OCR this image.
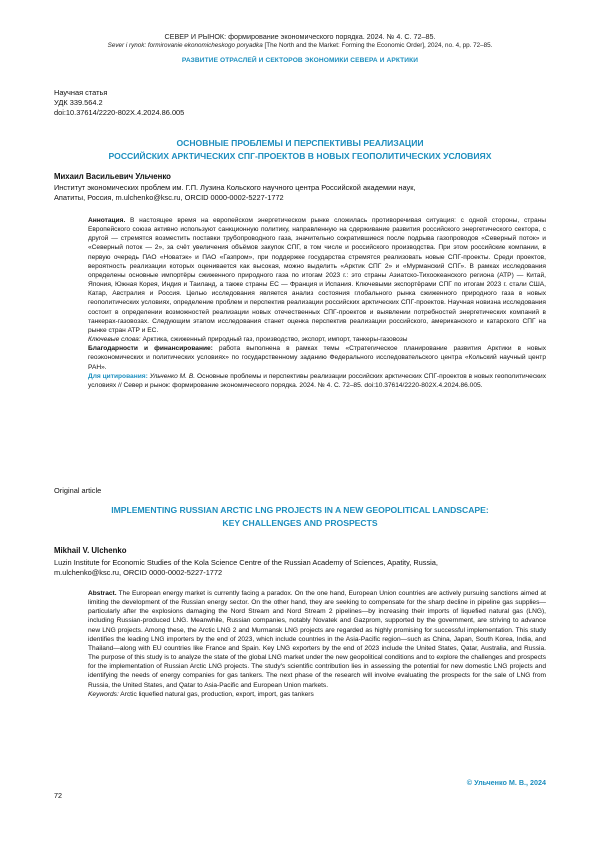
СЕВЕР И РЫНОК: формирование экономического порядка. 2024. № 4. С. 72–85.
Sever i rynok: formirovanie ekonomicheskogo poryadka [The North and the Market: Forming the Economic Order], 2024, no. 4, pp. 72–85.
РАЗВИТИЕ ОТРАСЛЕЙ И СЕКТОРОВ ЭКОНОМИКИ СЕВЕРА И АРКТИКИ
Научная статья
УДК 339.564.2
doi:10.37614/2220-802X.4.2024.86.005
ОСНОВНЫЕ ПРОБЛЕМЫ И ПЕРСПЕКТИВЫ РЕАЛИЗАЦИИ
РОССИЙСКИХ АРКТИЧЕСКИХ СПГ-ПРОЕКТОВ В НОВЫХ ГЕОПОЛИТИЧЕСКИХ УСЛОВИЯХ
Михаил Васильевич Ульченко
Институт экономических проблем им. Г.П. Лузина Кольского научного центра Российской академии наук,
Апатиты, Россия, m.ulchenko@ksc.ru, ORCID 0000-0002-5227-1772

Аннотация. В настоящее время на европейском энергетическом рынке сложилась противоречивая ситуация: с одной стороны, страны Европейского союза активно используют санкционную политику, направленную на сдерживание развития российского энергетического сектора, с другой — стремятся возместить поставки трубопроводного газа, значительно сократившиеся после подрыва газопроводов «Северный поток» и «Северный поток — 2», за счёт увеличения объёмов закупок СПГ, в том числе и российского производства. При этом российские компании, в первую очередь ПАО «Новатэк» и ПАО «Газпром», при поддержке государства стремятся реализовать новые СПГ-проекты. Среди проектов, вероятность реализации которых оценивается как высокая, можно выделить «Арктик СПГ 2» и «Мурманский СПГ». В рамках исследования определены основные импортёры сжиженного природного газа по итогам 2023 г.: это страны Азиатско-Тихоокеанского региона (АТР) — Китай, Япония, Южная Корея, Индия и Таиланд, а также страны ЕС — Франция и Испания. Ключевыми экспортёрами СПГ по итогам 2023 г. стали США, Катар, Австралия и Россия. Целью исследования является анализ состояния глобального рынка сжиженного природного газа в новых геополитических условиях, определение проблем и перспектив реализации российских арктических СПГ-проектов. Научная новизна исследования состоит в определении возможностей реализации новых отечественных СПГ-проектов и выявлении потребностей энергетических компаний в танкерах-газовозах. Следующим этапом исследования станет оценка перспектив реализации российского, американского и катарского СПГ на рынке стран АТР и ЕС.

Ключевые слова: Арктика, сжиженный природный газ, производство, экспорт, импорт, танкеры-газовозы

Благодарности и финансирование: работа выполнена в рамках темы «Стратегическое планирование развития Арктики в новых геоэкономических и политических условиях» по государственному заданию Федерального исследовательского центра «Кольский научный центр РАН».

Для цитирования: Ульченко М. В. Основные проблемы и перспективы реализации российских арктических СПГ-проектов в новых геополитических условиях // Север и рынок: формирование экономического порядка. 2024. № 4. С. 72–85. doi:10.37614/2220-802X.4.2024.86.005.

Original article
IMPLEMENTING RUSSIAN ARCTIC LNG PROJECTS IN A NEW GEOPOLITICAL LANDSCAPE:
KEY CHALLENGES AND PROSPECTS
Mikhail V. Ulchenko
Luzin Institute for Economic Studies of the Kola Science Centre of the Russian Academy of Sciences, Apatity, Russia,
m.ulchenko@ksc.ru, ORCID 0000-0002-5227-1772

Abstract. The European energy market is currently facing a paradox. On the one hand, European Union countries are actively pursuing sanctions aimed at limiting the development of the Russian energy sector. On the other hand, they are seeking to compensate for the sharp decline in pipeline gas supplies—particularly after the explosions damaging the Nord Stream and Nord Stream 2 pipelines—by increasing their imports of liquefied natural gas (LNG), including Russian-produced LNG. Meanwhile, Russian companies, notably Novatek and Gazprom, supported by the government, are striving to advance new LNG projects. Among these, the Arctic LNG 2 and Murmansk LNG projects are regarded as highly promising for successful implementation. This study identifies the leading LNG importers by the end of 2023, which include countries in the Asia-Pacific region—such as China, Japan, South Korea, India, and Thailand—along with EU countries like France and Spain. Key LNG exporters by the end of 2023 include the United States, Qatar, Australia, and Russia. The purpose of this study is to analyze the state of the global LNG market under the new geopolitical conditions and to explore the challenges and prospects for the implementation of Russian Arctic LNG projects. The study's scientific contribution lies in assessing the potential for new domestic LNG projects and identifying the needs of energy companies for gas tankers. The next phase of the research will involve evaluating the prospects for the sale of LNG from Russia, the United States, and Qatar to Asia-Pacific and European Union markets.

Keywords: Arctic liquefied natural gas, production, export, import, gas tankers

© Ульченко М. В., 2024
72
